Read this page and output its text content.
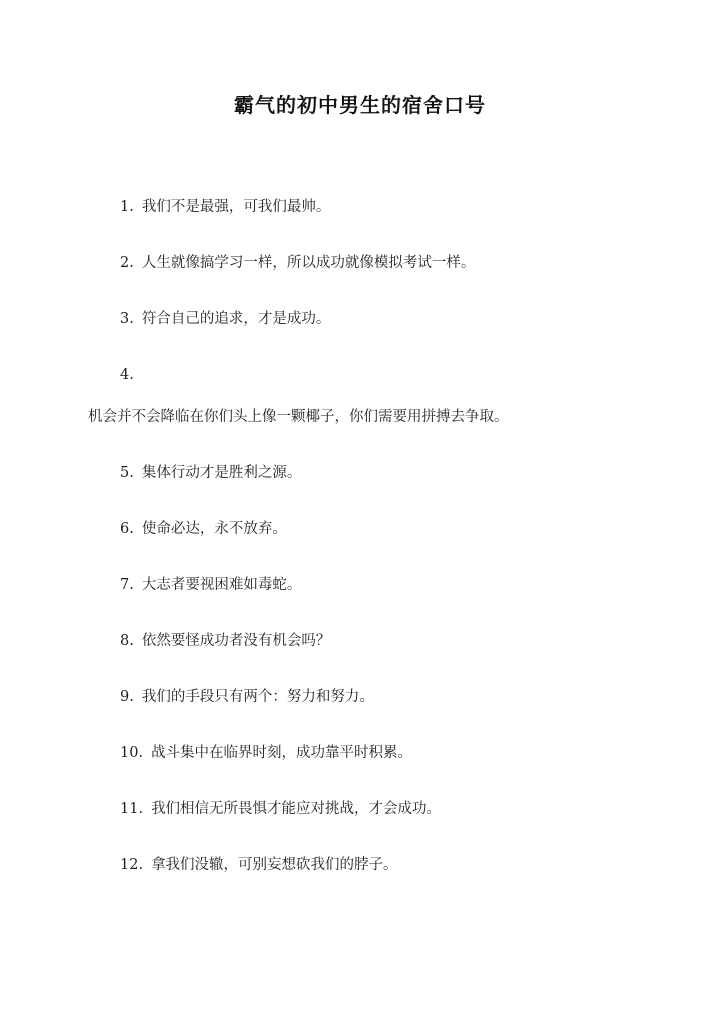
霸气的初中男生的宿舍口号
1. 我们不是最强，可我们最帅。
2. 人生就像搞学习一样，所以成功就像模拟考试一样。
3. 符合自己的追求，才是成功。
4.
机会并不会降临在你们头上像一颗椰子，你们需要用拼搏去争取。
5. 集体行动才是胜利之源。
6. 使命必达，永不放弃。
7. 大志者要视困难如毒蛇。
8. 依然要怪成功者没有机会吗？
9. 我们的手段只有两个：努力和努力。
10. 战斗集中在临界时刻，成功靠平时积累。
11. 我们相信无所畏惧才能应对挑战，才会成功。
12. 拿我们没辙，可别妄想砍我们的脖子。
